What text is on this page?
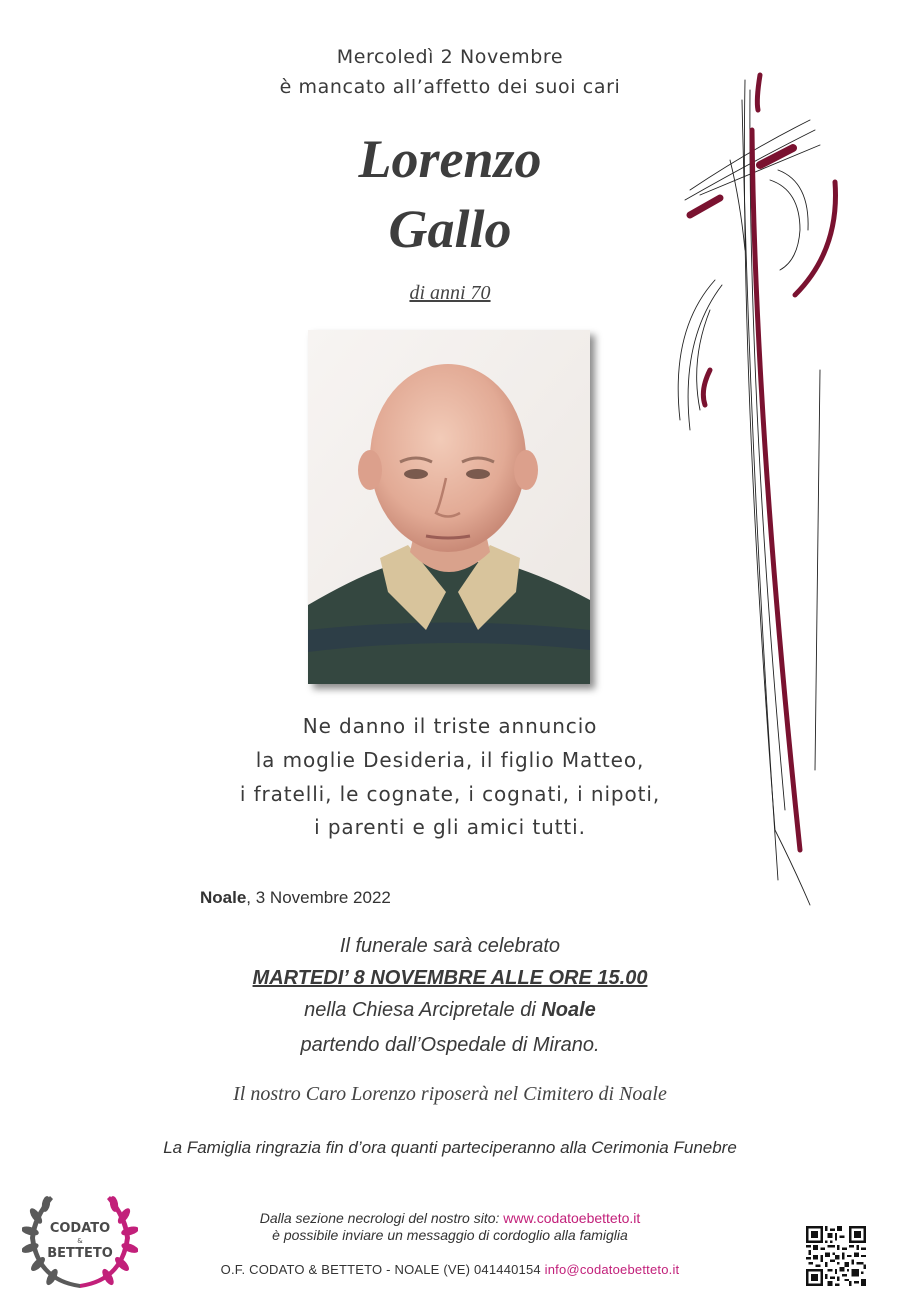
Mercoledì 2 Novembre
è mancato all’affetto dei suoi cari
Lorenzo
Gallo
di anni 70
Ne danno il triste annuncio
la moglie Desideria, il figlio Matteo,
i fratelli, le cognate, i cognati, i nipoti,
i parenti e gli amici tutti.
Noale, 3 Novembre 2022
Il funerale sarà celebrato
MARTEDI’ 8 NOVEMBRE ALLE ORE 15.00
nella Chiesa Arcipretale di Noale
partendo dall’Ospedale di Mirano.
Il nostro Caro Lorenzo riposerà nel Cimitero di Noale
La Famiglia ringrazia fin d’ora quanti parteciperanno alla Cerimonia Funebre
Dalla sezione necrologi del nostro sito: www.codatoebetteto.it
è possibile inviare un messaggio di cordoglio alla famiglia
O.F. CODATO & BETTETO - NOALE (VE) 041440154 info@codatoebetteto.it
CODATO
&
BETTETO
